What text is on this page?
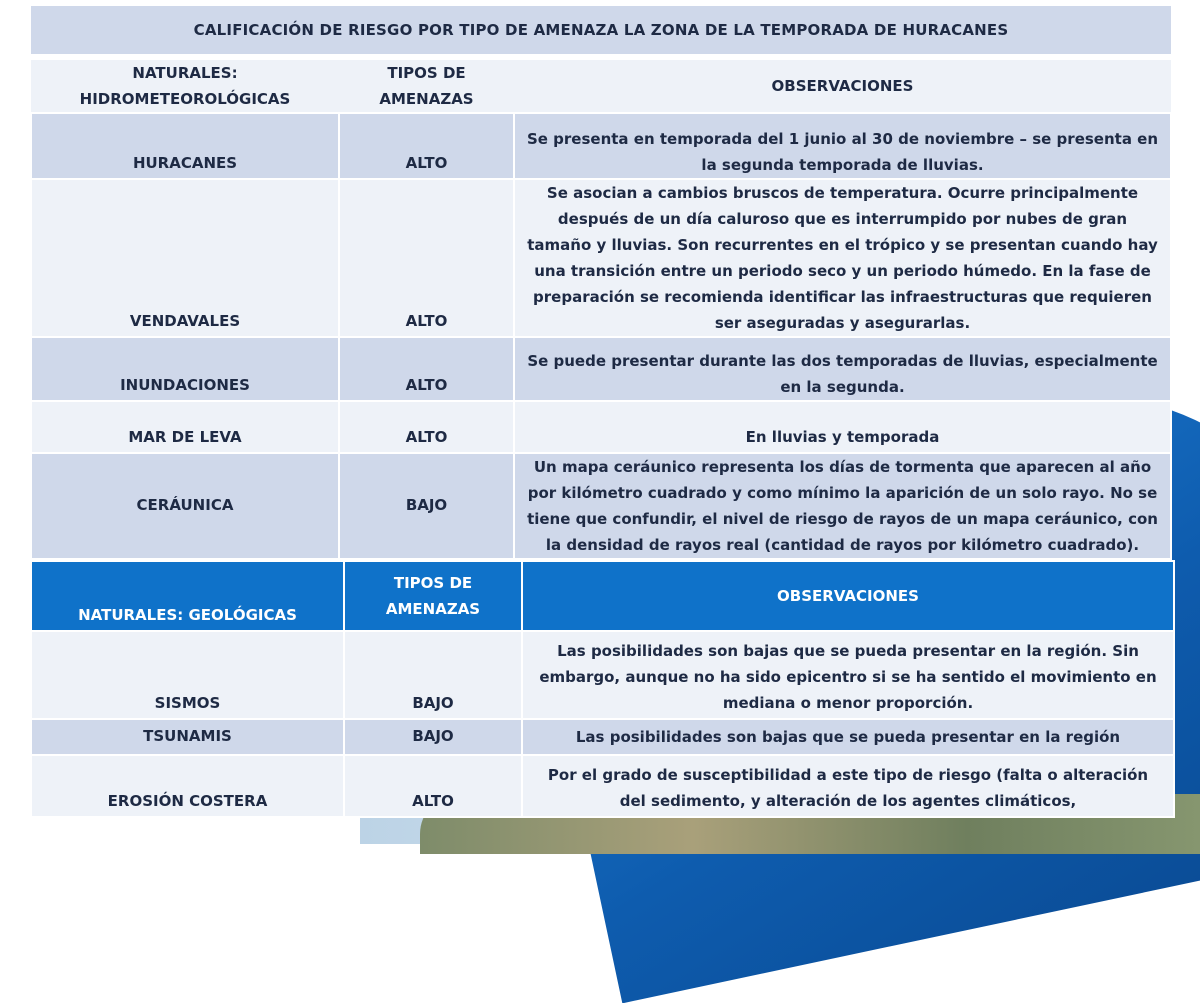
CALIFICACIÓN DE RIESGO POR TIPO DE AMENAZA LA ZONA DE LA TEMPORADA DE HURACANES		
NATURALES: HIDROMETEOROLÓGICAS	TIPOS DE AMENAZAS	OBSERVACIONES
HURACANES	ALTO	Se presenta en temporada del 1 junio al 30 de noviembre – se presenta en la segunda temporada de lluvias.
VENDAVALES	ALTO	Se asocian a cambios bruscos de temperatura. Ocurre principalmente después de un día caluroso que es interrumpido por nubes de gran tamaño y lluvias. Son recurrentes en el trópico y se presentan cuando hay una transición entre un periodo seco y un periodo húmedo. En la fase de preparación se recomienda identificar las infraestructuras que requieren ser aseguradas y asegurarlas.
INUNDACIONES	ALTO	Se puede presentar durante las dos temporadas de lluvias, especialmente en la segunda.
MAR DE LEVA	ALTO	En lluvias y temporada
CERÁUNICA	BAJO	Un mapa ceráunico representa los días de tormenta que aparecen al año por kilómetro cuadrado y como mínimo la aparición de un solo rayo. No se tiene que confundir, el nivel de riesgo de rayos de un mapa ceráunico, con la densidad de rayos real (cantidad de rayos por kilómetro cuadrado).
NATURALES: GEOLÓGICAS	TIPOS DE AMENAZAS	OBSERVACIONES
SISMOS	BAJO	Las posibilidades son bajas que se pueda presentar en la región. Sin embargo, aunque no ha sido epicentro si se ha sentido el movimiento en mediana o menor proporción.
TSUNAMIS	BAJO	Las posibilidades son bajas que se pueda presentar en la región
EROSIÓN COSTERA	ALTO	Por el grado de susceptibilidad a este tipo de riesgo (falta o alteración del sedimento, y alteración de los agentes climáticos,
